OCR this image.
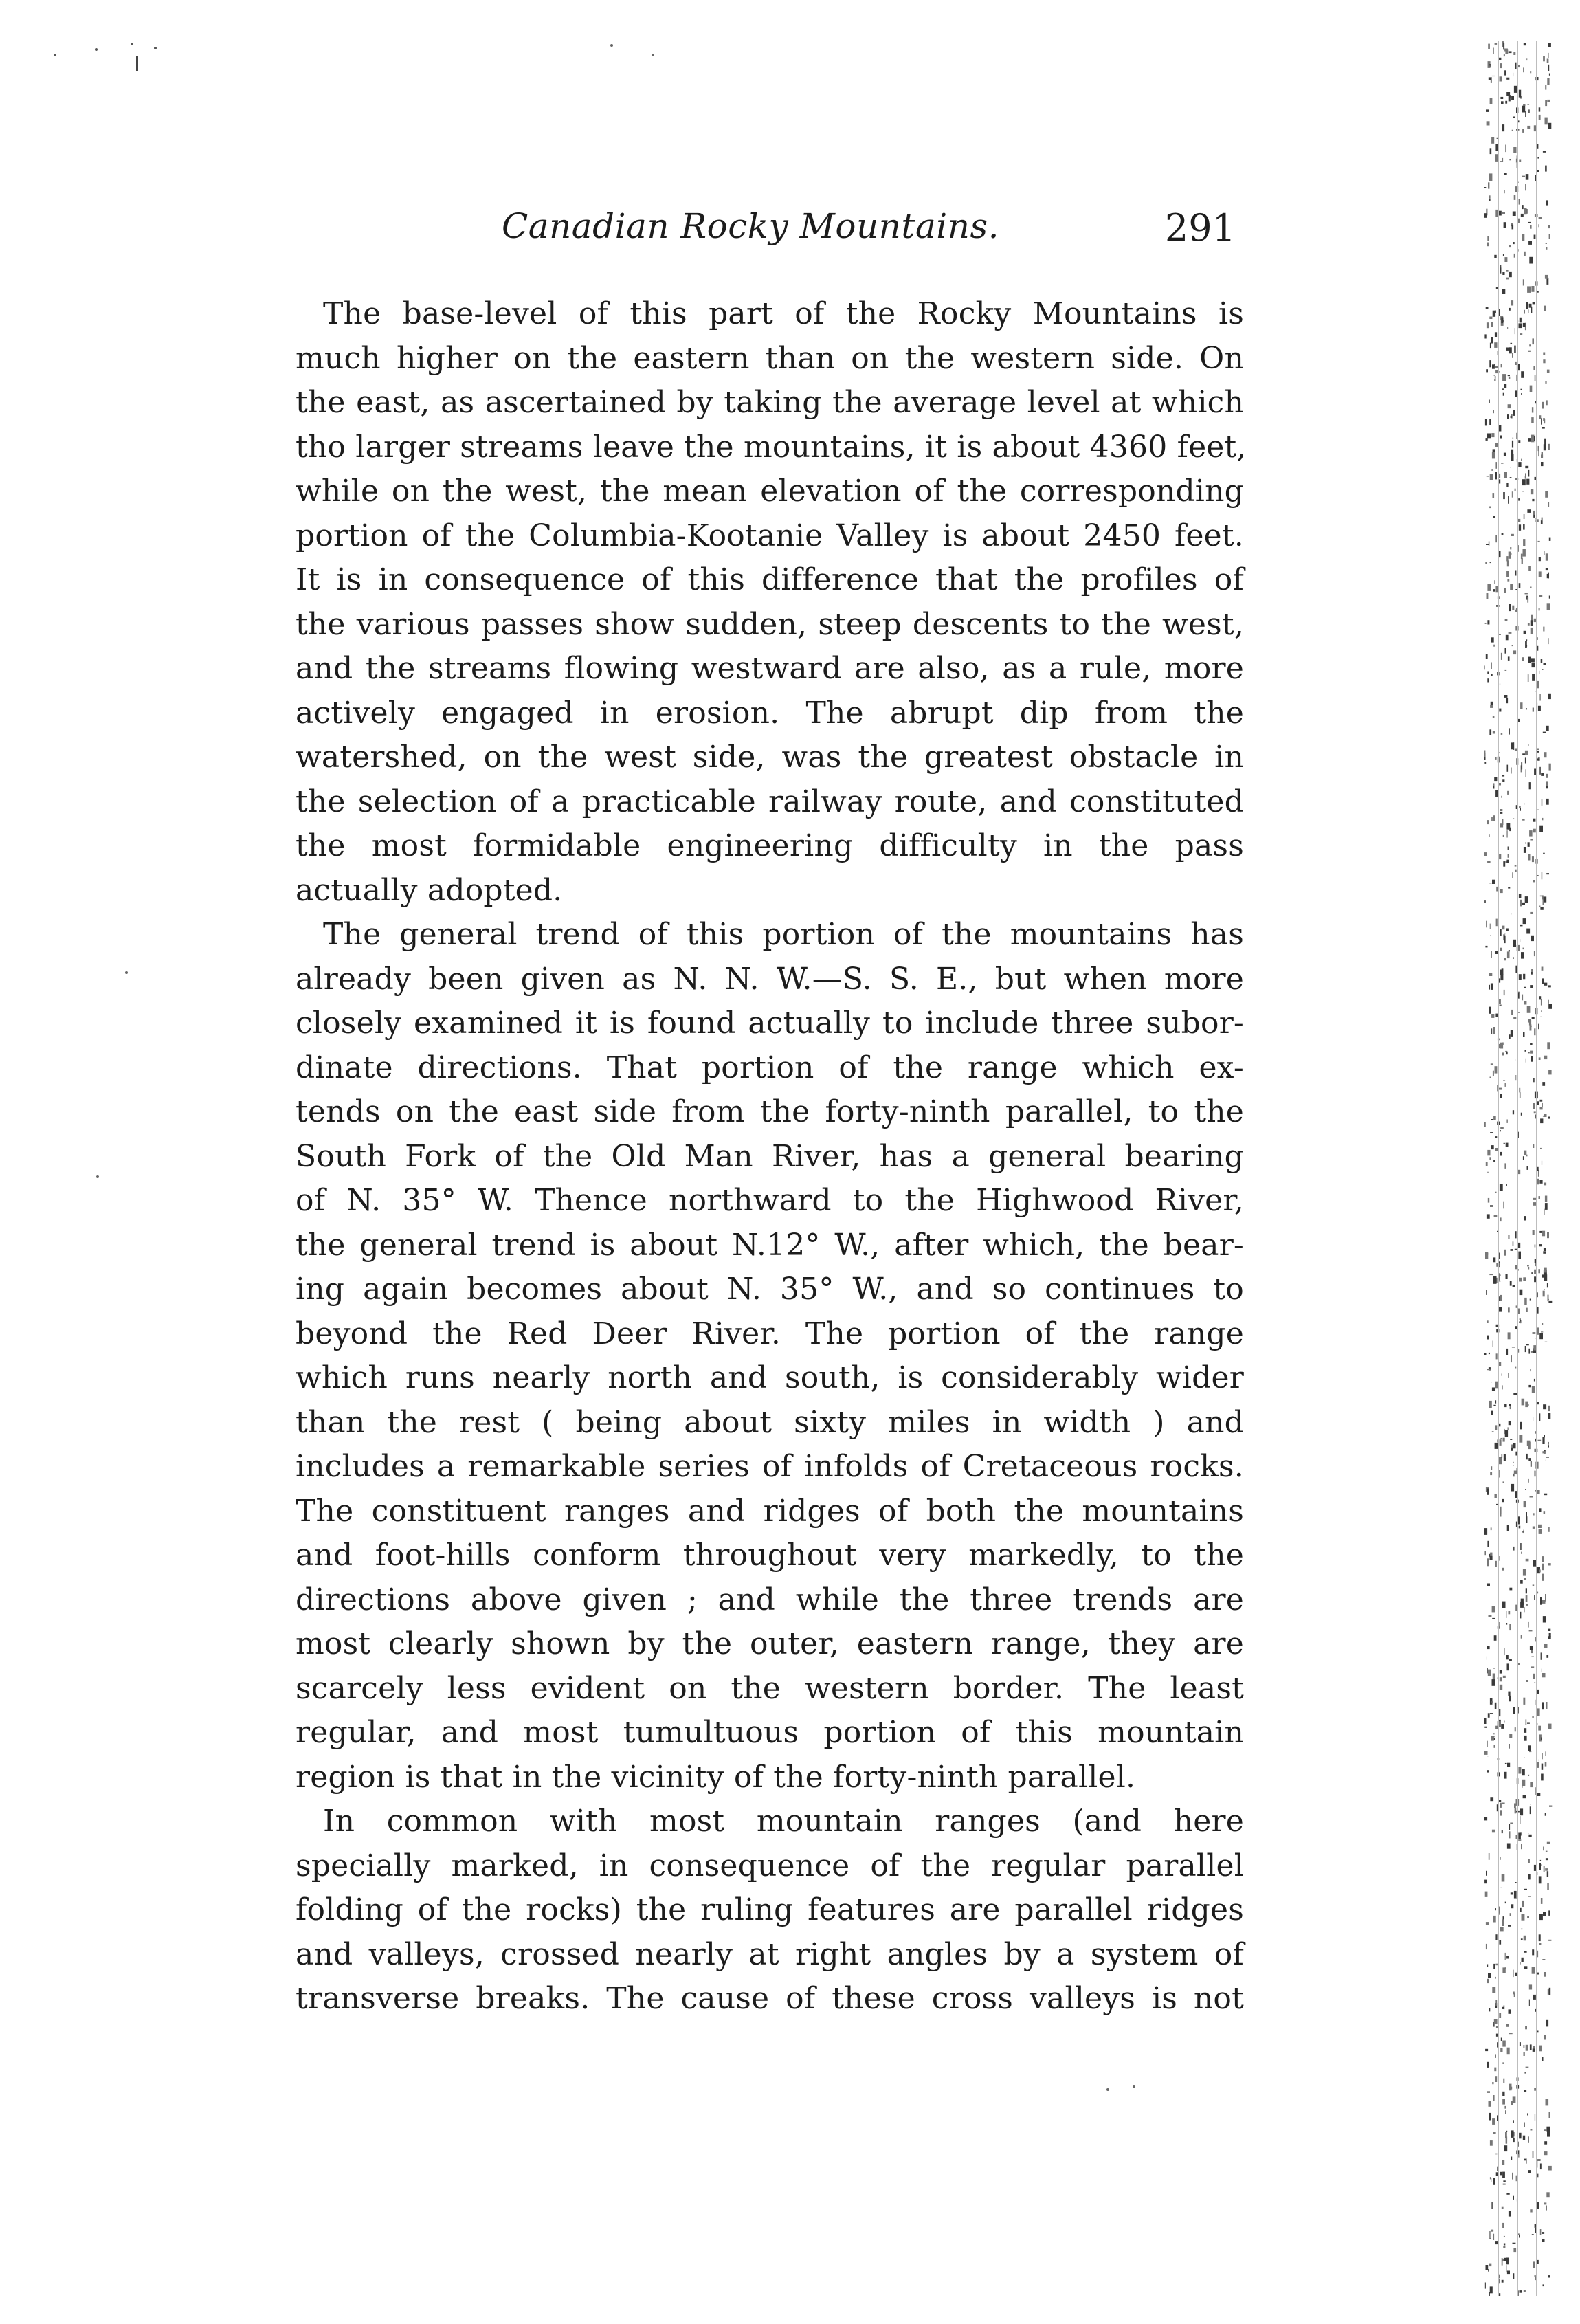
Canadian Rocky Mountains.	291
The base-level of this part of the Rocky Mountains is
much higher on the eastern than on the western side. On
the east, as ascertained by taking the average level at which
tho larger streams leave the mountains, it is about 4360 feet,
while on the west, the mean elevation of the corresponding
portion of the Columbia-Kootanie Valley is about 2450 feet.
It is in consequence of this difference that the profiles of
the various passes show sudden, steep descents to the west,
and the streams flowing westward are also, as a rule, more
actively engaged in erosion. The abrupt dip from the
watershed, on the west side, was the greatest obstacle in
the selection of a practicable railway route, and constituted
the most formidable engineering difficulty in the pass
actually adopted.
The general trend of this portion of the mountains has
already been given as N. N. W.—S. S. E., but when more
closely examined it is found actually to include three subor-
dinate directions. That portion of the range which ex-
tends on the east side from the forty-ninth parallel, to the
South Fork of the Old Man River, has a general bearing
of N. 35° W. Thence northward to the Highwood River,
the general trend is about N.12° W., after which, the bear-
ing again becomes about N. 35° W., and so continues to
beyond the Red Deer River. The portion of the range
which runs nearly north and south, is considerably wider
than the rest ( being about sixty miles in width ) and
includes a remarkable series of infolds of Cretaceous rocks.
The constituent ranges and ridges of both the mountains
and foot-hills conform throughout very markedly, to the
directions above given ; and while the three trends are
most clearly shown by the outer, eastern range, they are
scarcely less evident on the western border. The least
regular, and most tumultuous portion of this mountain
region is that in the vicinity of the forty-ninth parallel.
In common with most mountain ranges (and here
specially marked, in consequence of the regular parallel
folding of the rocks) the ruling features are parallel ridges
and valleys, crossed nearly at right angles by a system of
transverse breaks. The cause of these cross valleys is not
